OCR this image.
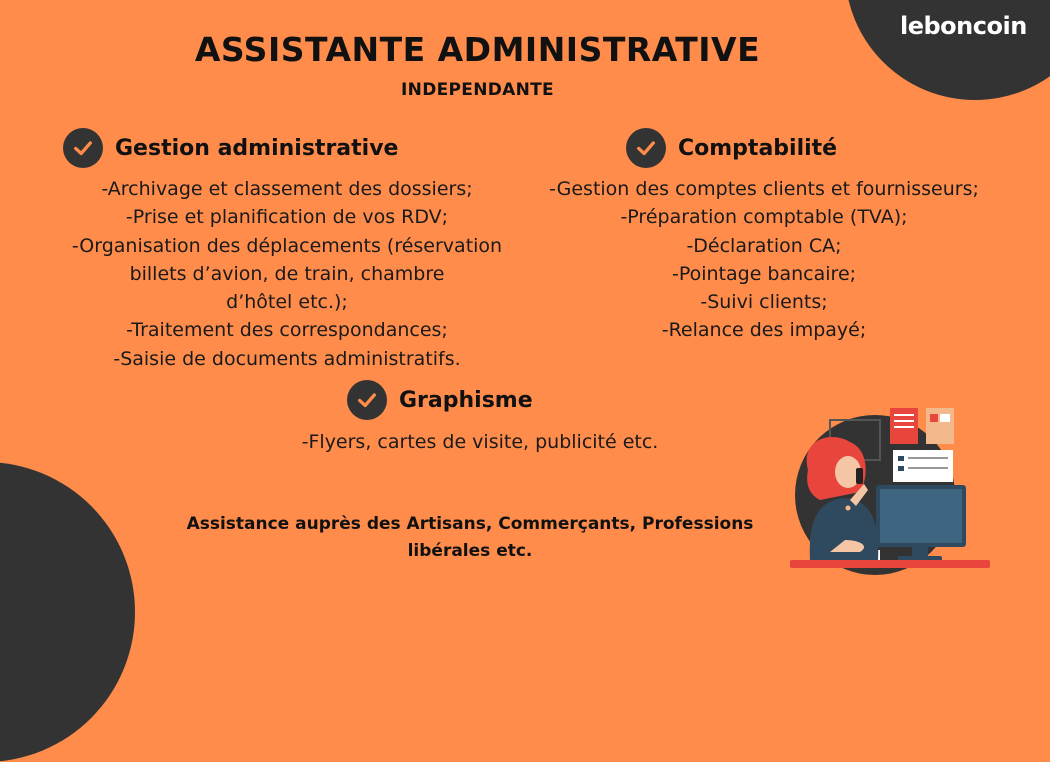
leboncoin
ASSISTANTE ADMINISTRATIVE
INDEPENDANTE
Gestion administrative
-Archivage et classement des dossiers;
-Prise et planification de vos RDV;
-Organisation des déplacements (réservation
billets d’avion, de train, chambre
d’hôtel etc.);
-Traitement des correspondances;
-Saisie de documents administratifs.
Comptabilité
-Gestion des comptes clients et fournisseurs;
-Préparation comptable (TVA);
-Déclaration CA;
-Pointage bancaire;
-Suivi clients;
-Relance des impayé;
Graphisme
-Flyers, cartes de visite, publicité etc.
Assistance auprès des Artisans, Commerçants, Professions
libérales etc.
